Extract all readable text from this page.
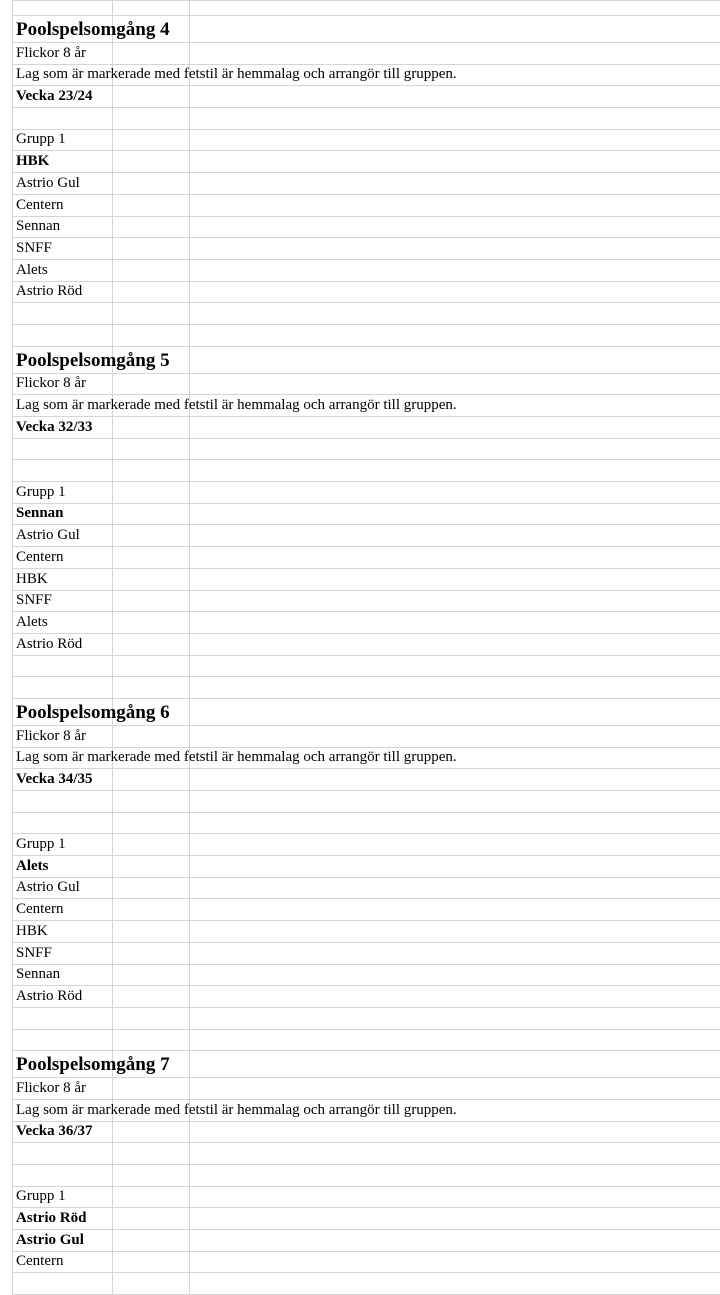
Poolspelsomgång 4
Flickor 8 år
Lag som är markerade med fetstil är hemmalag och arrangör till gruppen.
Vecka 23/24
Grupp 1
HBK
Astrio Gul
Centern
Sennan
SNFF
Alets
Astrio Röd
Poolspelsomgång 5
Flickor 8 år
Lag som är markerade med fetstil är hemmalag och arrangör till gruppen.
Vecka 32/33
Grupp 1
Sennan
Astrio Gul
Centern
HBK
SNFF
Alets
Astrio Röd
Poolspelsomgång 6
Flickor 8 år
Lag som är markerade med fetstil är hemmalag och arrangör till gruppen.
Vecka 34/35
Grupp 1
Alets
Astrio Gul
Centern
HBK
SNFF
Sennan
Astrio Röd
Poolspelsomgång 7
Flickor 8 år
Lag som är markerade med fetstil är hemmalag och arrangör till gruppen.
Vecka 36/37
Grupp 1
Astrio Röd
Astrio Gul
Centern
